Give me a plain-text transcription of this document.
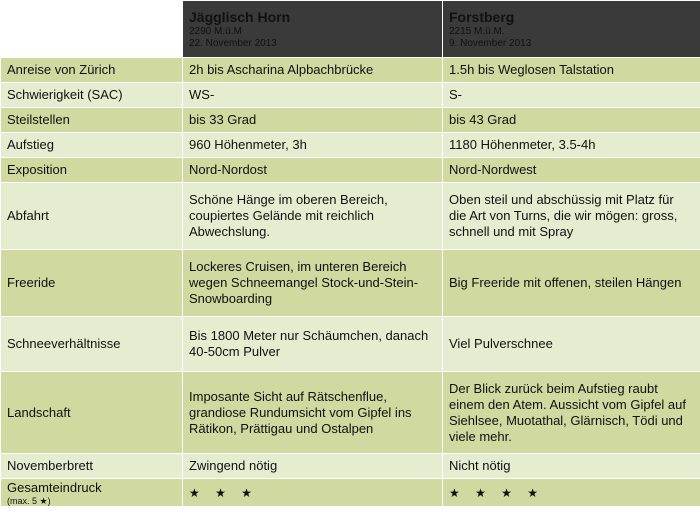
	Jägglisch Horn
2290 M.ü.M
22. November 2013	Forstberg
2215 M.ü.M.
9. November 2013

Anreise von Zürich	2h bis Ascharina Alpbachbrücke	1.5h bis Weglosen Talstation
Schwierigkeit (SAC)	WS-	S-
Steilstellen	bis 33 Grad	bis 43 Grad
Aufstieg	960 Höhenmeter, 3h	1180 Höhenmeter, 3.5-4h
Exposition	Nord-Nordost	Nord-Nordwest
Abfahrt	Schöne Hänge im oberen Bereich, coupiertes Gelände mit reichlich Abwechslung.	Oben steil und abschüssig mit Platz für die Art von Turns, die wir mögen: gross, schnell und mit Spray
Freeride	Lockeres Cruisen, im unteren Bereich wegen Schneemangel Stock-und-Stein-Snowboarding	Big Freeride mit offenen, steilen Hängen
Schneeverhältnisse	Bis 1800 Meter nur Schäumchen, danach 40-50cm Pulver	Viel Pulverschnee
Landschaft	Imposante Sicht auf Rätschenflue, grandiose Rundumsicht vom Gipfel ins Rätikon, Prättigau und Ostalpen	Der Blick zurück beim Aufstieg raubt einem den Atem. Aussicht vom Gipfel auf Siehlsee, Muotathal, Glärnisch, Tödi und viele mehr.
Novemberbrett	Zwingend nötig	Nicht nötig
Gesamteindruck
(max. 5 ★)	★ ★ ★	★ ★ ★ ★
